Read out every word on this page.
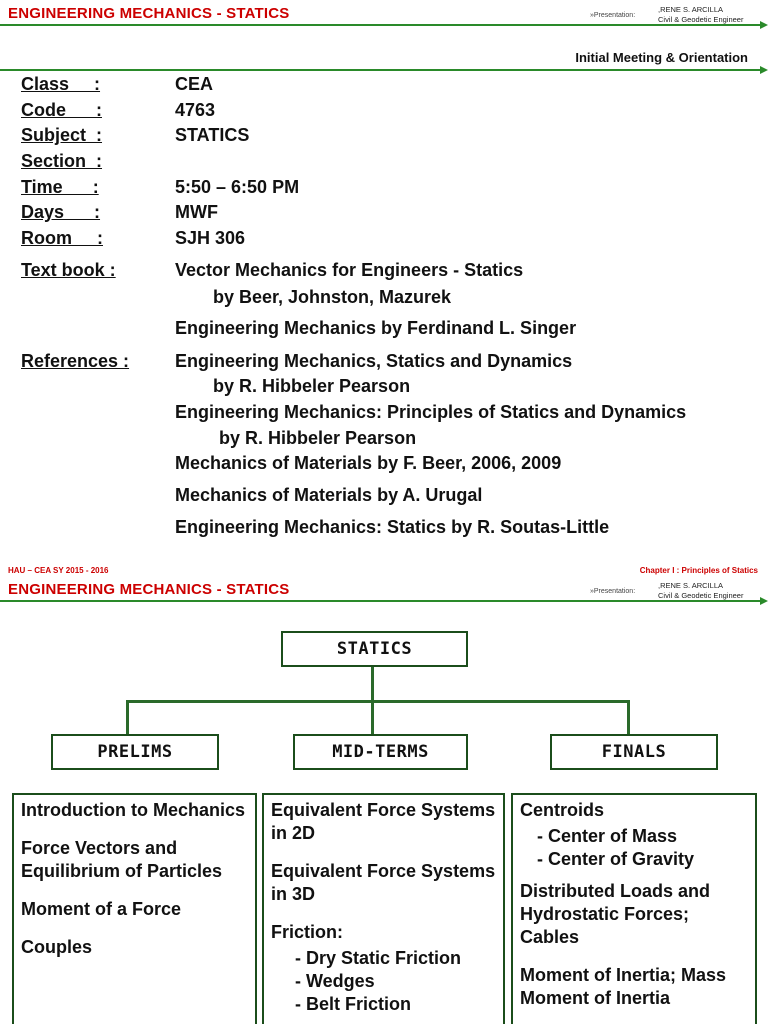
ENGINEERING MECHANICS - STATICS	»Presentation:
,RENE S. ARCILLA
Civil & Geodetic Engineer
Initial Meeting & Orientation
Class     :	CEA
Code      :	4763
Subject  :	STATICS
Section  :
Time      :	5:50 – 6:50 PM
Days      :	MWF
Room     :	SJH 306
Text book :	Vector Mechanics for Engineers - Statics
by Beer, Johnston, Mazurek
Engineering Mechanics by Ferdinand L. Singer
References :	Engineering Mechanics, Statics and Dynamics
by R. Hibbeler Pearson
Engineering Mechanics: Principles of Statics and Dynamics
by R. Hibbeler Pearson
Mechanics of Materials by F. Beer, 2006, 2009
Mechanics of Materials by A. Urugal
Engineering Mechanics: Statics by R. Soutas-Little
HAU – CEA SY 2015 - 2016	Chapter I : Principles of Statics
ENGINEERING MECHANICS - STATICS	»Presentation:
,RENE S. ARCILLA
Civil & Geodetic Engineer
STATICS
PRELIMS	MID-TERMS	FINALS
Introduction to Mechanics
Force Vectors and Equilibrium of Particles
Moment of a Force
Couples
Equivalent Force Systems in 2D
Equivalent Force Systems in 3D
Friction:
- Dry Static Friction
- Wedges
- Belt Friction
Centroids
- Center of Mass
- Center of Gravity
Distributed Loads and Hydrostatic Forces; Cables
Moment of Inertia; Mass Moment of Inertia
